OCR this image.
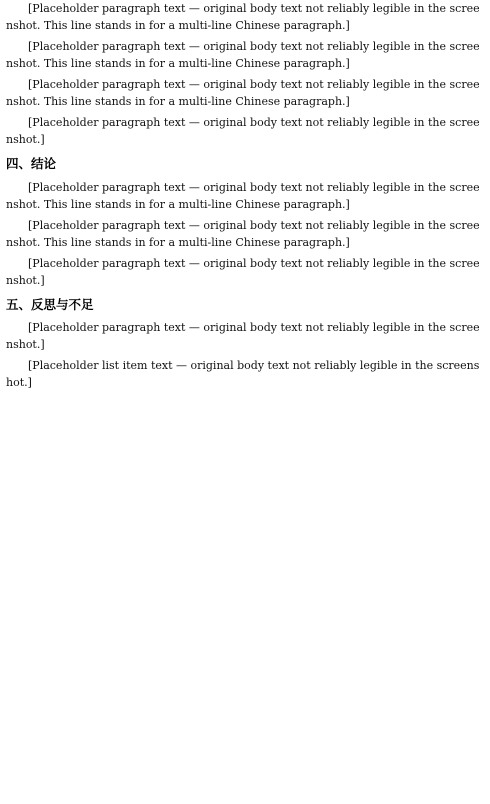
[Placeholder paragraph text — original body text not reliably legible in the screenshot. This line stands in for a multi-line Chinese paragraph.]

[Placeholder paragraph text — original body text not reliably legible in the screenshot. This line stands in for a multi-line Chinese paragraph.]

[Placeholder paragraph text — original body text not reliably legible in the screenshot. This line stands in for a multi-line Chinese paragraph.]

[Placeholder paragraph text — original body text not reliably legible in the screenshot.]

四、结论

[Placeholder paragraph text — original body text not reliably legible in the screenshot. This line stands in for a multi-line Chinese paragraph.]

[Placeholder paragraph text — original body text not reliably legible in the screenshot. This line stands in for a multi-line Chinese paragraph.]

[Placeholder paragraph text — original body text not reliably legible in the screenshot.]

五、反思与不足

[Placeholder paragraph text — original body text not reliably legible in the screenshot.]

[Placeholder list item text — original body text not reliably legible in the screenshot.]
